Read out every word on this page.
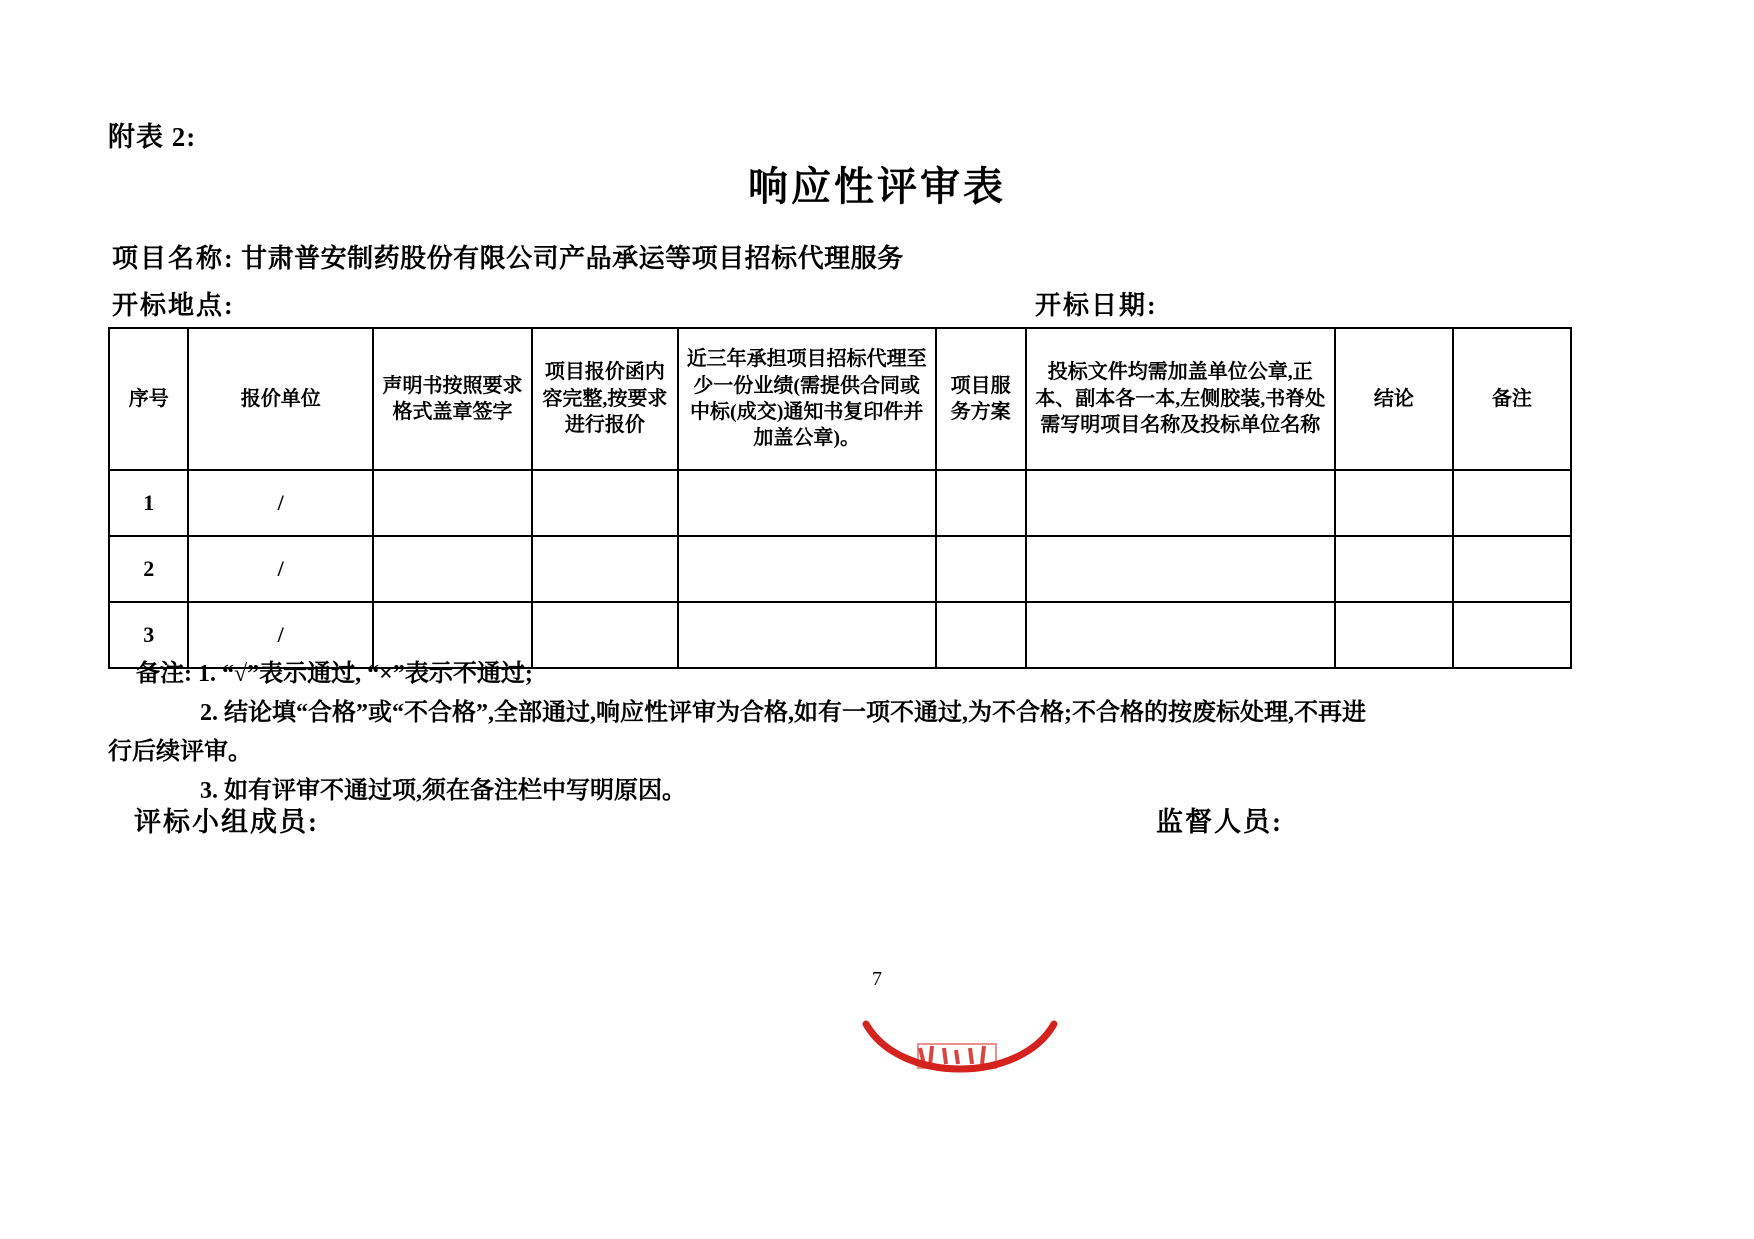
附表 2:
响应性评审表
项目名称: 甘肃普安制药股份有限公司产品承运等项目招标代理服务
开标地点:	开标日期:
序号	报价单位	声明书按照要求格式盖章签字	项目报价函内容完整,按要求进行报价	近三年承担项目招标代理至少一份业绩(需提供合同或中标(成交)通知书复印件并加盖公章)。	项目服务方案	投标文件均需加盖单位公章,正本、副本各一本,左侧胶装,书脊处需写明项目名称及投标单位名称	结论	备注
1	/							
2	/							
3	/							

备注: 1. “√”表示通过, “×”表示不通过;

2. 结论填“合格”或“不合格”,全部通过,响应性评审为合格,如有一项不通过,为不合格;不合格的按废标处理,不再进

行后续评审。

3. 如有评审不通过项,须在备注栏中写明原因。

评标小组成员:	监督人员:
7
